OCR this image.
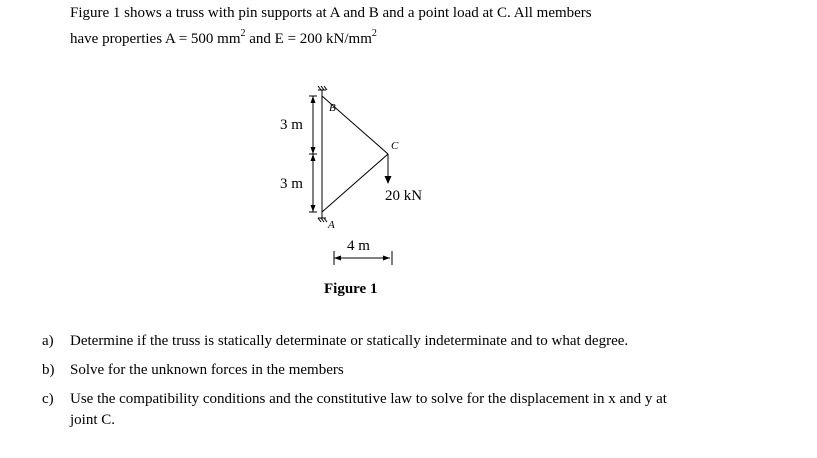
Figure 1 shows a truss with pin supports at A and B and a point load at C. All members
have properties A = 500 $mm^2$ and E = 200 $kN/mm^2$
B
C
A
3 m
3 m
4 m
20 kN
Figure 1
a)	Determine if the truss is statically determinate or statically indeterminate and to what degree.
b)	Solve for the unknown forces in the members
c)	Use the compatibility conditions and the constitutive law to solve for the displacement in x and y at joint C.
